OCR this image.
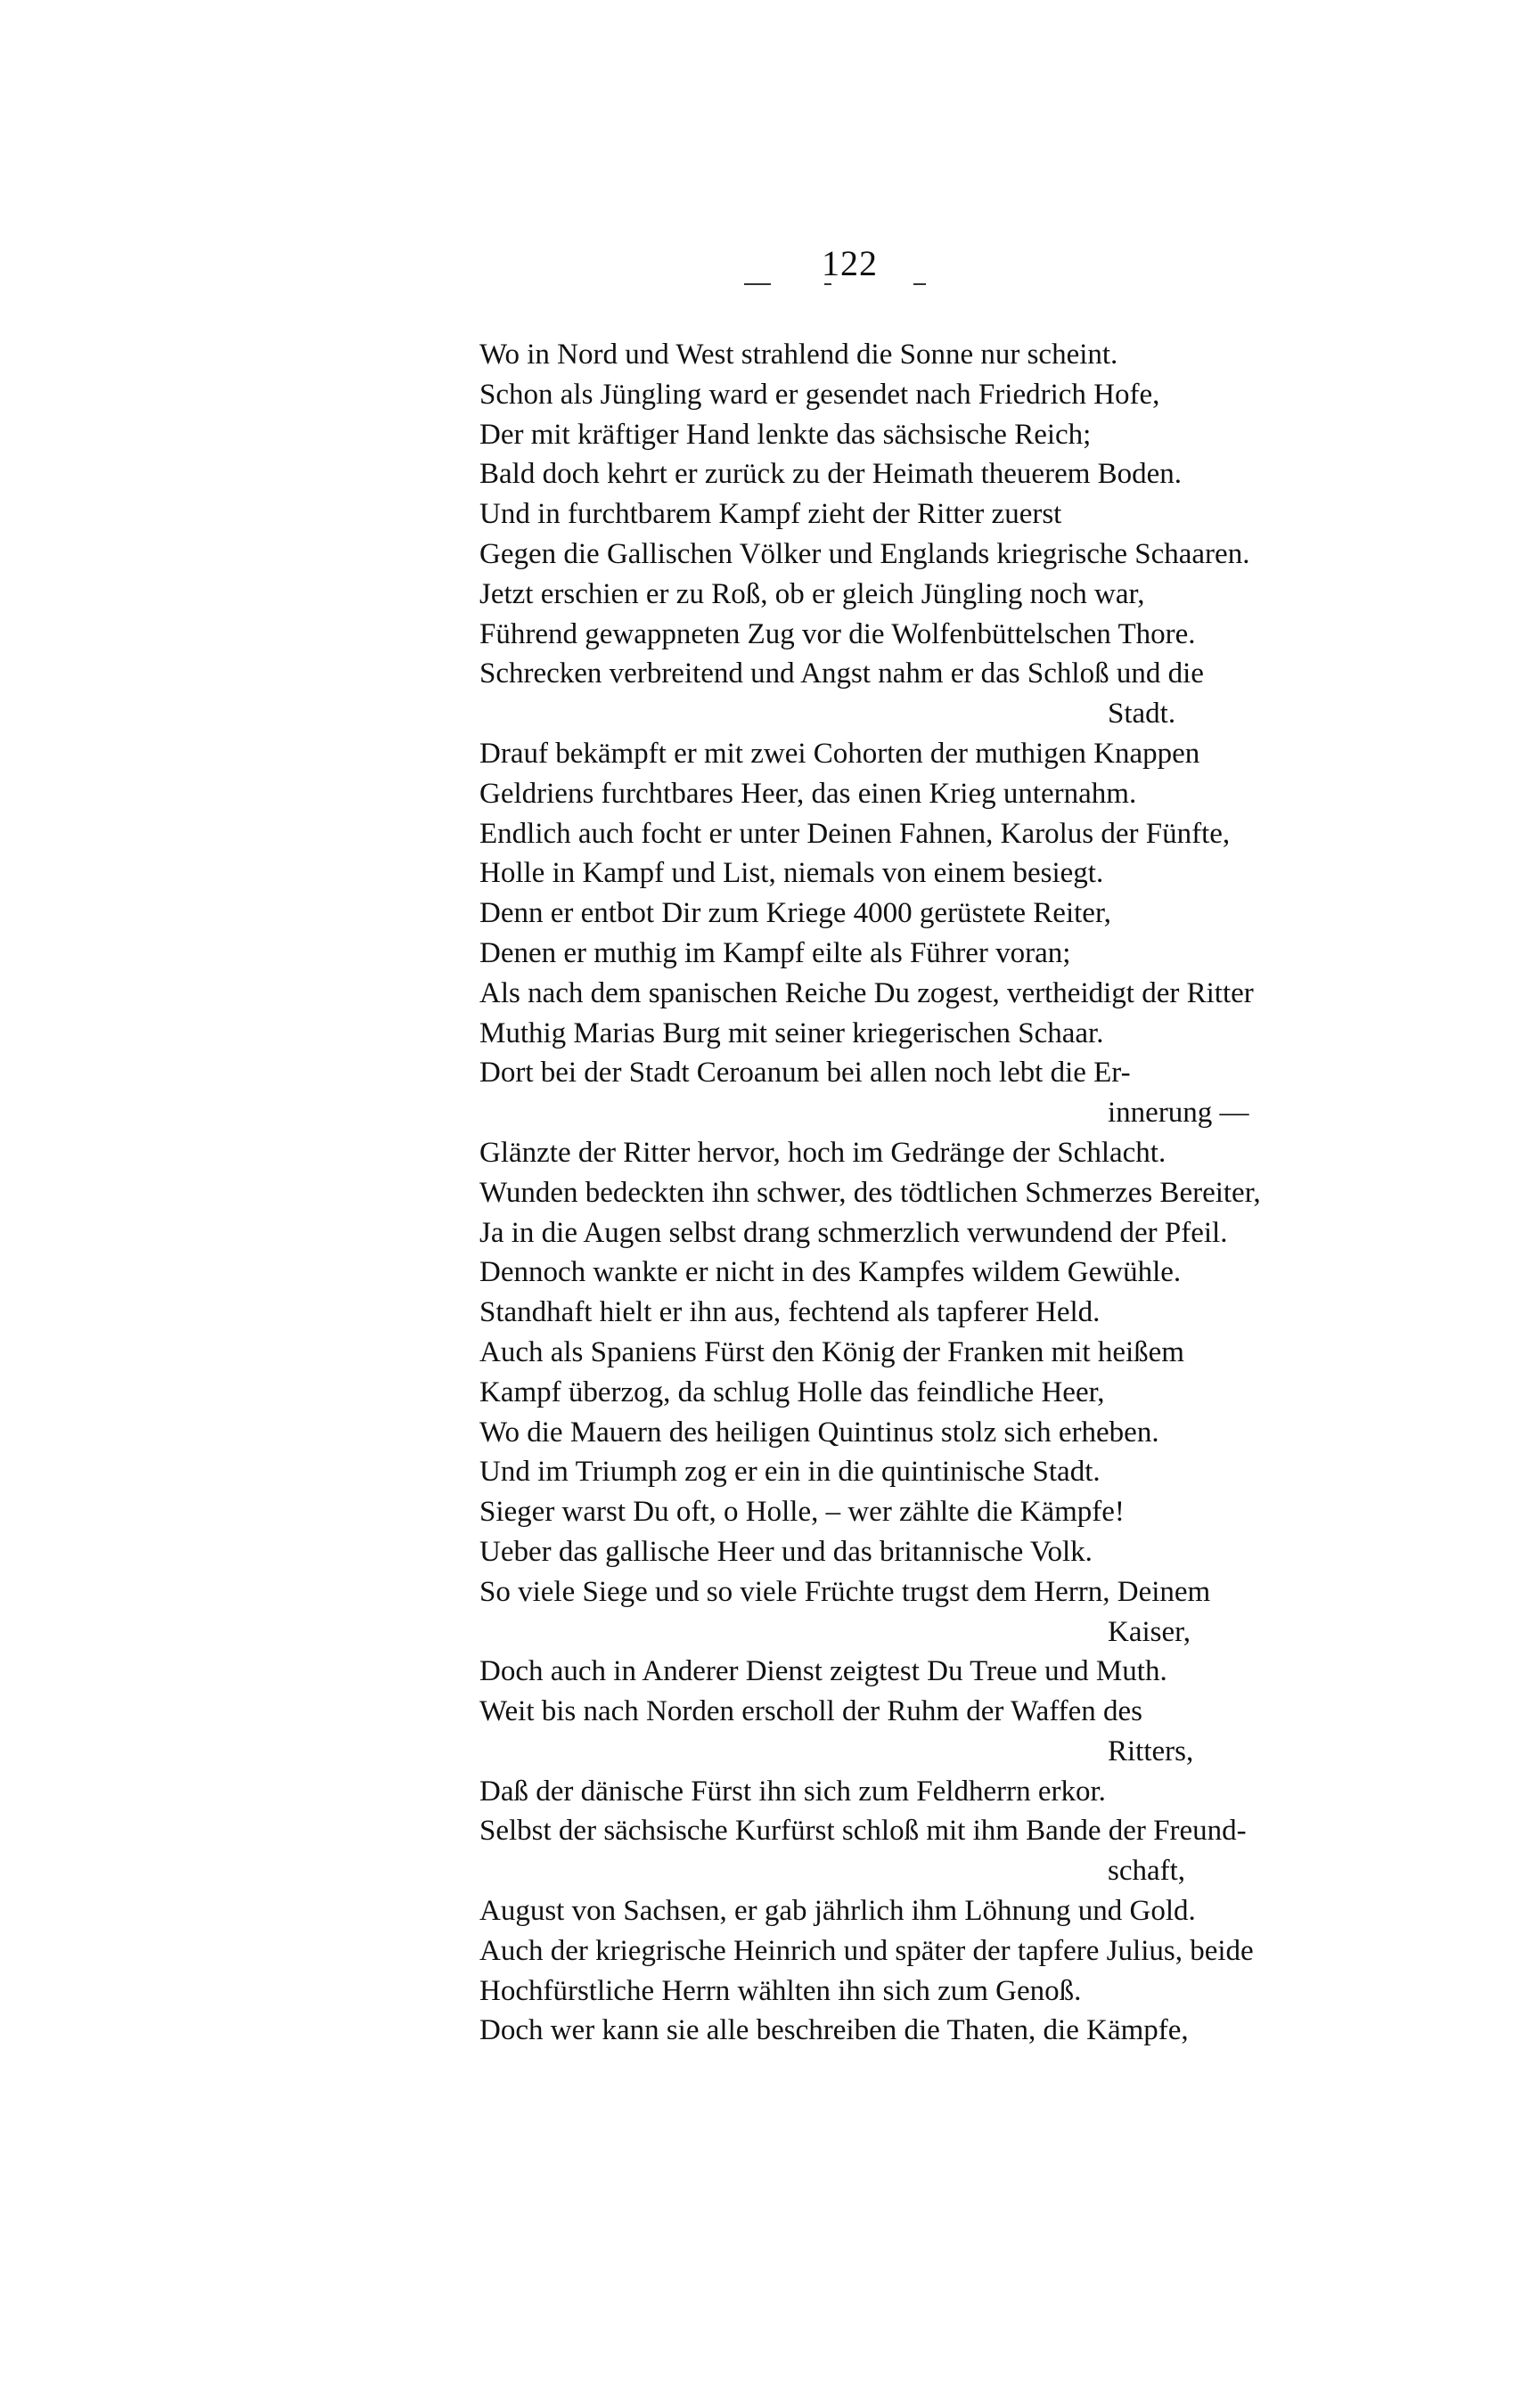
122
Wo in Nord und West strahlend die Sonne nur scheint.
Schon als Jüngling ward er gesendet nach Friedrich Hofe,
Der mit kräftiger Hand lenkte das sächsische Reich;
Bald doch kehrt er zurück zu der Heimath theuerem Boden.
Und in furchtbarem Kampf zieht der Ritter zuerst
Gegen die Gallischen Völker und Englands kriegrische Schaaren.
Jetzt erschien er zu Roß, ob er gleich Jüngling noch war,
Führend gewappneten Zug vor die Wolfenbüttelschen Thore.
Schrecken verbreitend und Angst nahm er das Schloß und die
Stadt.
Drauf bekämpft er mit zwei Cohorten der muthigen Knappen
Geldriens furchtbares Heer, das einen Krieg unternahm.
Endlich auch focht er unter Deinen Fahnen, Karolus der Fünfte,
Holle in Kampf und List, niemals von einem besiegt.
Denn er entbot Dir zum Kriege 4000 gerüstete Reiter,
Denen er muthig im Kampf eilte als Führer voran;
Als nach dem spanischen Reiche Du zogest, vertheidigt der Ritter
Muthig Marias Burg mit seiner kriegerischen Schaar.
Dort bei der Stadt Ceroanum bei allen noch lebt die Er-
innerung —
Glänzte der Ritter hervor, hoch im Gedränge der Schlacht.
Wunden bedeckten ihn schwer, des tödtlichen Schmerzes Bereiter,
Ja in die Augen selbst drang schmerzlich verwundend der Pfeil.
Dennoch wankte er nicht in des Kampfes wildem Gewühle.
Standhaft hielt er ihn aus, fechtend als tapferer Held.
Auch als Spaniens Fürst den König der Franken mit heißem
Kampf überzog, da schlug Holle das feindliche Heer,
Wo die Mauern des heiligen Quintinus stolz sich erheben.
Und im Triumph zog er ein in die quintinische Stadt.
Sieger warst Du oft, o Holle, – wer zählte die Kämpfe!
Ueber das gallische Heer und das britannische Volk.
So viele Siege und so viele Früchte trugst dem Herrn, Deinem
Kaiser,
Doch auch in Anderer Dienst zeigtest Du Treue und Muth.
Weit bis nach Norden erscholl der Ruhm der Waffen des
Ritters,
Daß der dänische Fürst ihn sich zum Feldherrn erkor.
Selbst der sächsische Kurfürst schloß mit ihm Bande der Freund-
schaft,
August von Sachsen, er gab jährlich ihm Löhnung und Gold.
Auch der kriegrische Heinrich und später der tapfere Julius, beide
Hochfürstliche Herrn wählten ihn sich zum Genoß.
Doch wer kann sie alle beschreiben die Thaten, die Kämpfe,
